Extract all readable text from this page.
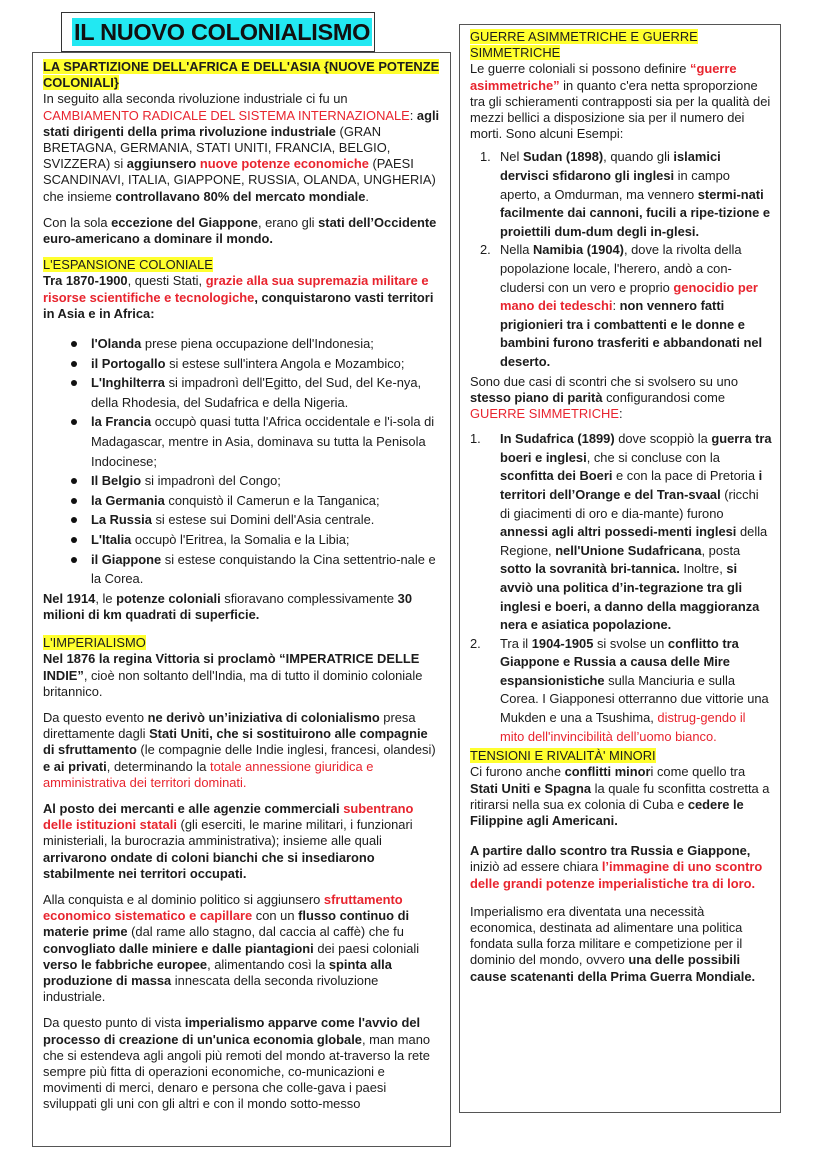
IL NUOVO COLONIALISMO
LA SPARTIZIONE DELL'AFRICA E DELL'ASIA {NUOVE POTENZE COLONIALI}

In seguito alla seconda rivoluzione industriale ci fu un CAMBIAMENTO RADICALE DEL SISTEMA INTERNAZIONALE: agli stati dirigenti della prima rivoluzione industriale (GRAN BRETAGNA, GERMANIA, STATI UNITI, FRANCIA, BELGIO, SVIZZERA) si aggiunsero nuove potenze economiche (PAESI SCANDINAVI, ITALIA, GIAPPONE, RUSSIA, OLANDA, UNGHERIA) che insieme controllavano 80% del mercato mondiale.

Con la sola eccezione del Giappone, erano gli stati dell’Occidente euro-americano a dominare il mondo.

L'ESPANSIONE COLONIALE

Tra 1870-1900, questi Stati, grazie alla sua supremazia militare e risorse scientifiche e tecnologiche, conquistarono vasti territori in Asia e in Africa:

l'Olanda prese piena occupazione dell'Indonesia;
il Portogallo si estese sull'intera Angola e Mozambico;
L'Inghilterra si impadronì dell'Egitto, del Sud, del Ke-nya, della Rhodesia, del Sudafrica e della Nigeria.
la Francia occupò quasi tutta l'Africa occidentale e l'i-sola di Madagascar, mentre in Asia, dominava su tutta la Penisola Indocinese;
Il Belgio si impadronì del Congo;
la Germania conquistò il Camerun e la Tanganica;
La Russia si estese sui Domini dell'Asia centrale.
L'Italia occupò l'Eritrea, la Somalia e la Libia;
il Giappone si estese conquistando la Cina settentrio-nale e la Corea.

Nel 1914, le potenze coloniali sfioravano complessivamente 30 milioni di km quadrati di superficie.

L'IMPERIALISMO

Nel 1876 la regina Vittoria si proclamò “IMPERATRICE DELLE INDIE”, cioè non soltanto dell'India, ma di tutto il dominio coloniale britannico.

Da questo evento ne derivò un’iniziativa di colonialismo presa direttamente dagli Stati Uniti, che si sostituirono alle compagnie di sfruttamento (le compagnie delle Indie inglesi, francesi, olandesi) e ai privati, determinando la totale annessione giuridica e amministrativa dei territori dominati.

Al posto dei mercanti e alle agenzie commerciali subentrano delle istituzioni statali (gli eserciti, le marine militari, i funzionari ministeriali, la burocrazia amministrativa); insieme alle quali arrivarono ondate di coloni bianchi che si insediarono stabilmente nei territori occupati.

Alla conquista e al dominio politico si aggiunsero sfruttamento economico sistematico e capillare con un flusso continuo di materie prime (dal rame allo stagno, dal caccia al caffè) che fu convogliato dalle miniere e dalle piantagioni dei paesi coloniali verso le fabbriche europee, alimentando così la spinta alla produzione di massa innescata della seconda rivoluzione industriale.

Da questo punto di vista imperialismo apparve come l'avvio del processo di creazione di un'unica economia globale, man mano che si estendeva agli angoli più remoti del mondo at-traverso la rete sempre più fitta di operazioni economiche, co-municazioni e movimenti di merci, denaro e persona che colle-gava i paesi sviluppati gli uni con gli altri e con il mondo sotto-messo

GUERRE ASIMMETRICHE E GUERRE SIMMETRICHE

Le guerre coloniali si possono definire “guerre asimmetriche” in quanto c'era netta sproporzione tra gli schieramenti contrapposti sia per la qualità dei mezzi bellici a disposizione sia per il numero dei morti. Sono alcuni Esempi:

1. Nel Sudan (1898), quando gli islamici dervisci sfidarono gli inglesi in campo aperto, a Omdurman, ma vennero stermi-nati facilmente dai cannoni, fucili a ripe-tizione e proiettili dum-dum degli in-glesi.
2. Nella Namibia (1904), dove la rivolta della popolazione locale, l'herero, andò a con-cludersi con un vero e proprio genocidio per mano dei tedeschi: non vennero fatti prigionieri tra i combattenti e le donne e bambini furono trasferiti e abbandonati nel deserto.

Sono due casi di scontri che si svolsero su uno stesso piano di parità configurandosi come GUERRE SIMMETRICHE:

1. In Sudafrica (1899) dove scoppiò la guerra tra boeri e inglesi, che si concluse con la sconfitta dei Boeri e con la pace di Pretoria i territori dell’Orange e del Tran-svaal (ricchi di giacimenti di oro e dia-mante) furono annessi agli altri possedi-menti inglesi della Regione, nell'Unione Sudafricana, posta sotto la sovranità bri-tannica. Inoltre, si avviò una politica d’in-tegrazione tra gli inglesi e boeri, a danno della maggioranza nera e asiatica popolazione.
2. Tra il 1904-1905 si svolse un conflitto tra Giappone e Russia a causa delle Mire espansionistiche sulla Manciuria e sulla Corea. I Giapponesi otterranno due vittorie una Mukden e una a Tsushima, distrug-gendo il mito dell'invincibilità dell’uomo bianco.
TENSIONI E RIVALITÀ' MINORI

Ci furono anche conflitti minori come quello tra Stati Uniti e Spagna la quale fu sconfitta costretta a ritirarsi nella sua ex colonia di Cuba e cedere le Filippine agli Americani.

A partire dallo scontro tra Russia e Giappone, iniziò ad essere chiara l’immagine di uno scontro delle grandi potenze imperialistiche tra di loro.

Imperialismo era diventata una necessità economica, destinata ad alimentare una politica fondata sulla forza militare e competizione per il dominio del mondo, ovvero una delle possibili cause scatenanti della Prima Guerra Mondiale.
